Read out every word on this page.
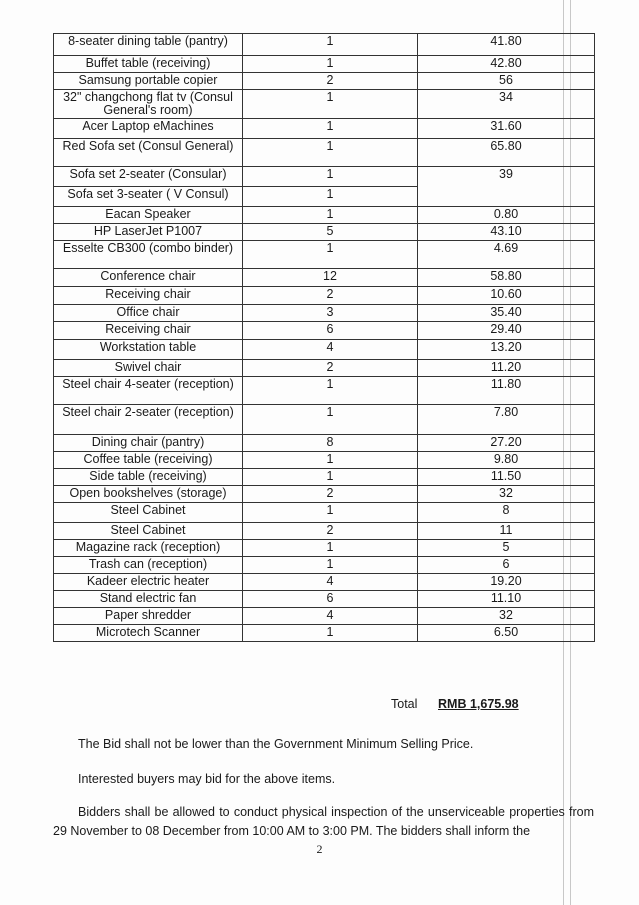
8-seater dining table (pantry)	1	41.80
Buffet table (receiving)	1	42.80
Samsung portable copier	2	56
32" changchong flat tv (Consul General's room)	1	34
Acer Laptop eMachines	1	31.60
Red Sofa set (Consul General)	1	65.80
Sofa set 2-seater (Consular)	1	39
Sofa set 3-seater ( V Consul)	1	
Eacan Speaker	1	0.80
HP LaserJet P1007	5	43.10
Esselte CB300 (combo binder)	1	4.69
Conference chair	12	58.80
Receiving chair	2	10.60
Office chair	3	35.40
Receiving chair	6	29.40
Workstation table	4	13.20
Swivel chair	2	11.20
Steel chair 4-seater (reception)	1	11.80
Steel chair 2-seater (reception)	1	7.80
Dining chair (pantry)	8	27.20
Coffee table (receiving)	1	9.80
Side table (receiving)	1	11.50
Open bookshelves (storage)	2	32
Steel Cabinet	1	8
Steel Cabinet	2	11
Magazine rack (reception)	1	5
Trash can (reception)	1	6
Kadeer electric heater	4	19.20
Stand electric fan	6	11.10
Paper shredder	4	32
Microtech Scanner	1	6.50
Total RMB 1,675.98

The Bid shall not be lower than the Government Minimum Selling Price.

Interested buyers may bid for the above items.

Bidders shall be allowed to conduct physical inspection of the unserviceable properties from 29 November to 08 December from 10:00 AM to 3:00 PM. The bidders shall inform the

2
